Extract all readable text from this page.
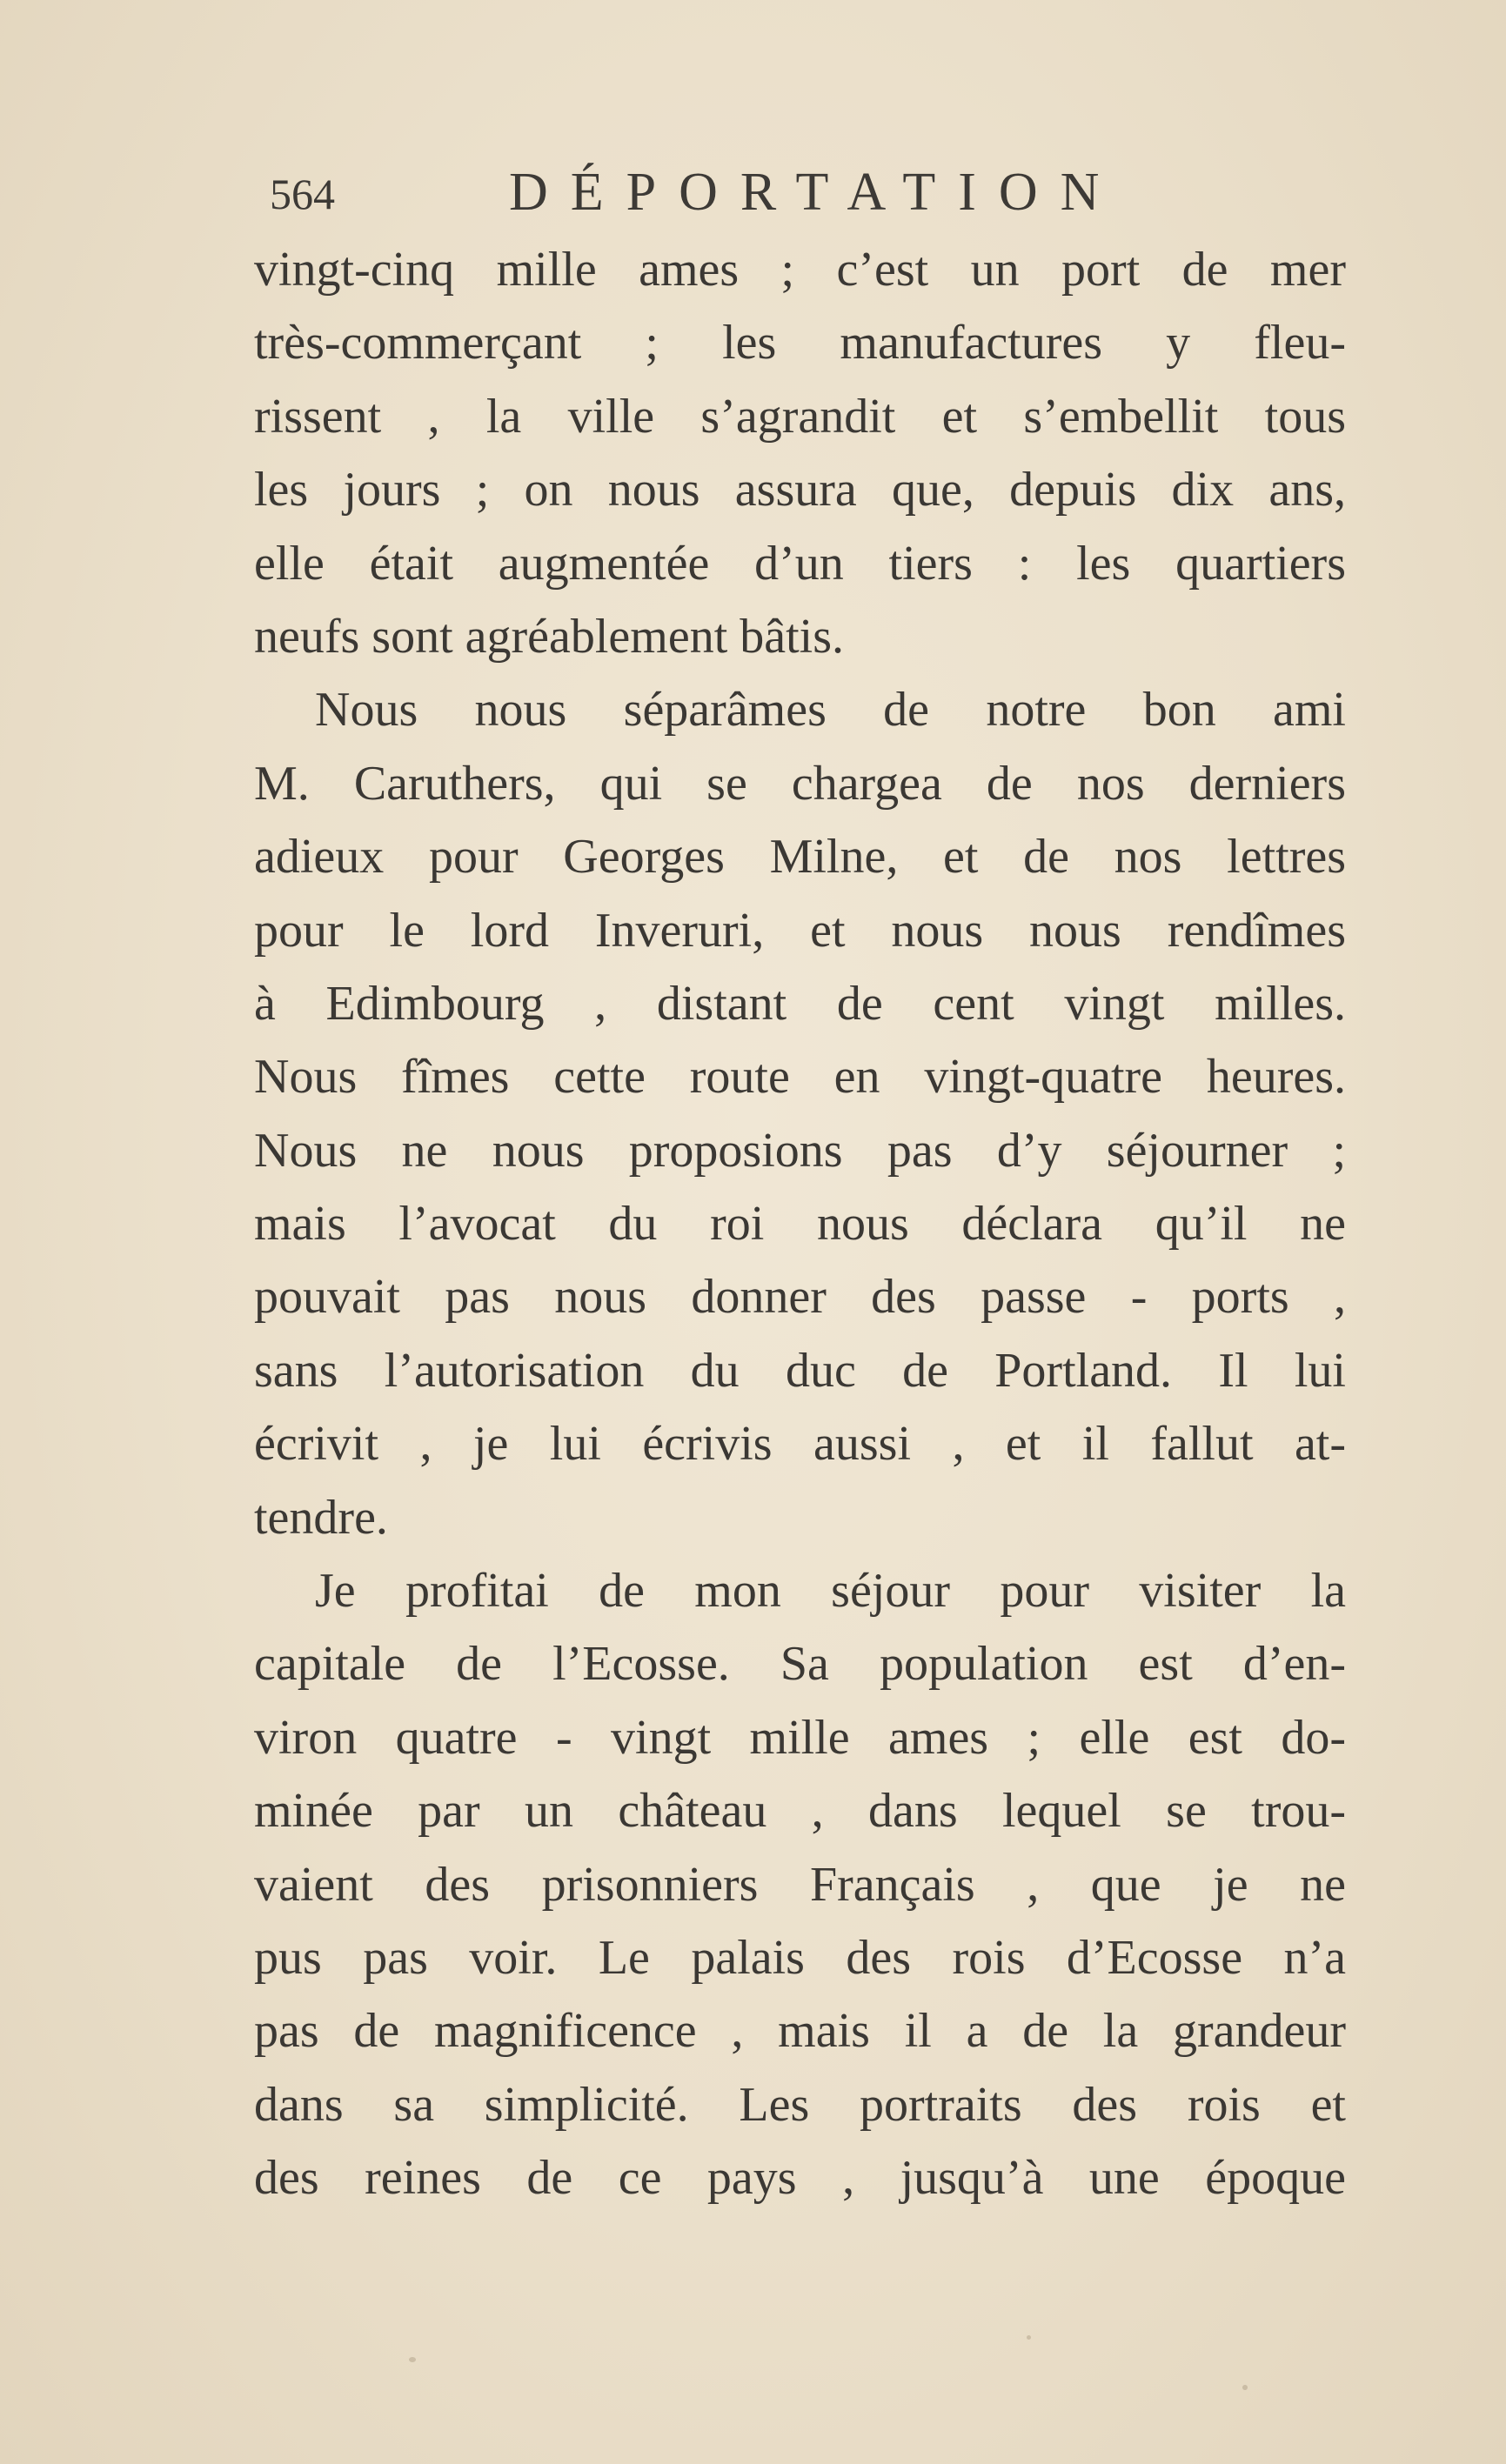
564	DÉPORTATION
vingt-cinq mille ames ; c’est un port de mer
très-commerçant ; les manufactures y fleu-
rissent , la ville s’agrandit et s’embellit tous
les jours ; on nous assura que, depuis dix ans,
elle était augmentée d’un tiers : les quartiers
neufs sont agréablement bâtis.
Nous nous séparâmes de notre bon ami
M. Caruthers, qui se chargea de nos derniers
adieux pour Georges Milne, et de nos lettres
pour le lord Inveruri, et nous nous rendîmes
à Edimbourg , distant de cent vingt milles.
Nous fîmes cette route en vingt-quatre heures.
Nous ne nous proposions pas d’y séjourner ;
mais l’avocat du roi nous déclara qu’il ne
pouvait pas nous donner des passe - ports ,
sans l’autorisation du duc de Portland. Il lui
écrivit , je lui écrivis aussi , et il fallut at-
tendre.
Je profitai de mon séjour pour visiter la
capitale de l’Ecosse. Sa population est d’en-
viron quatre - vingt mille ames ; elle est do-
minée par un château , dans lequel se trou-
vaient des prisonniers Français , que je ne
pus pas voir. Le palais des rois d’Ecosse n’a
pas de magnificence , mais il a de la grandeur
dans sa simplicité. Les portraits des rois et
des reines de ce pays , jusqu’à une époque
